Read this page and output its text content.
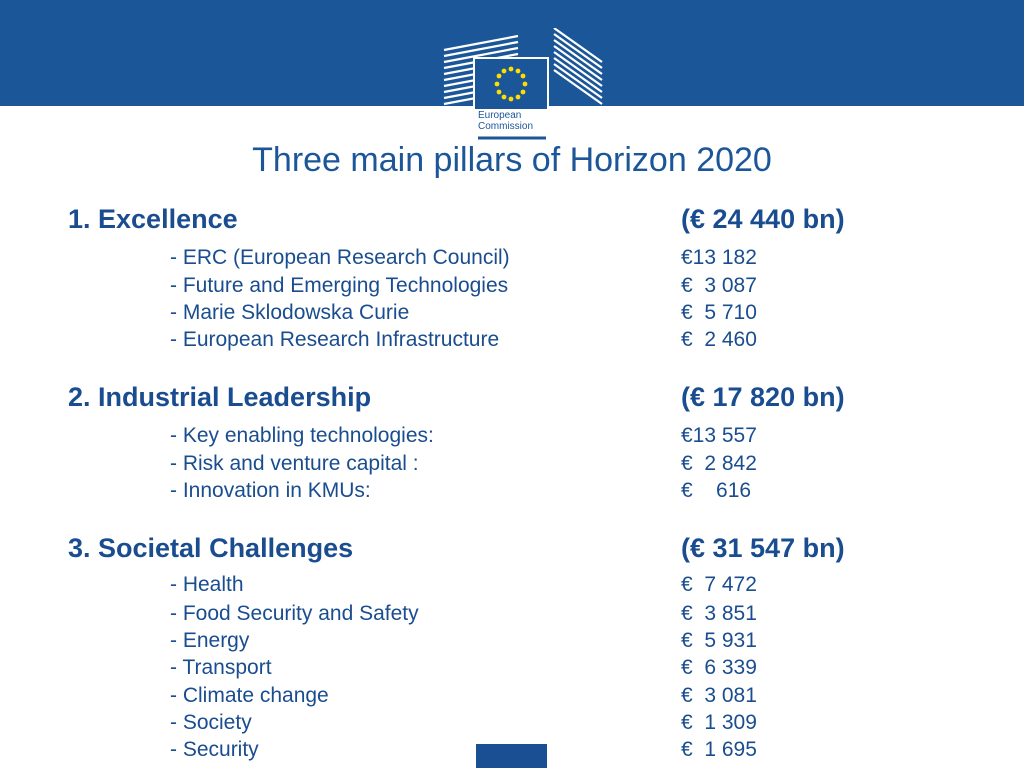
European
Commission
Three main pillars of Horizon 2020
1. Excellence	(€ 24 440 bn)
- ERC (European Research Council)	€13 182
- Future and Emerging Technologies	€  3 087
- Marie Sklodowska Curie	€  5 710
- European Research Infrastructure	€  2 460
2. Industrial Leadership	(€ 17 820 bn)
- Key enabling technologies:	€13 557
- Risk and venture capital :	€  2 842
- Innovation in KMUs:	€    616
3. Societal Challenges	(€ 31 547 bn)
- Health	€  7 472
- Food Security and Safety	€  3 851
- Energy	€  5 931
- Transport	€  6 339
- Climate change	€  3 081
- Society	€  1 309
- Security	€  1 695
